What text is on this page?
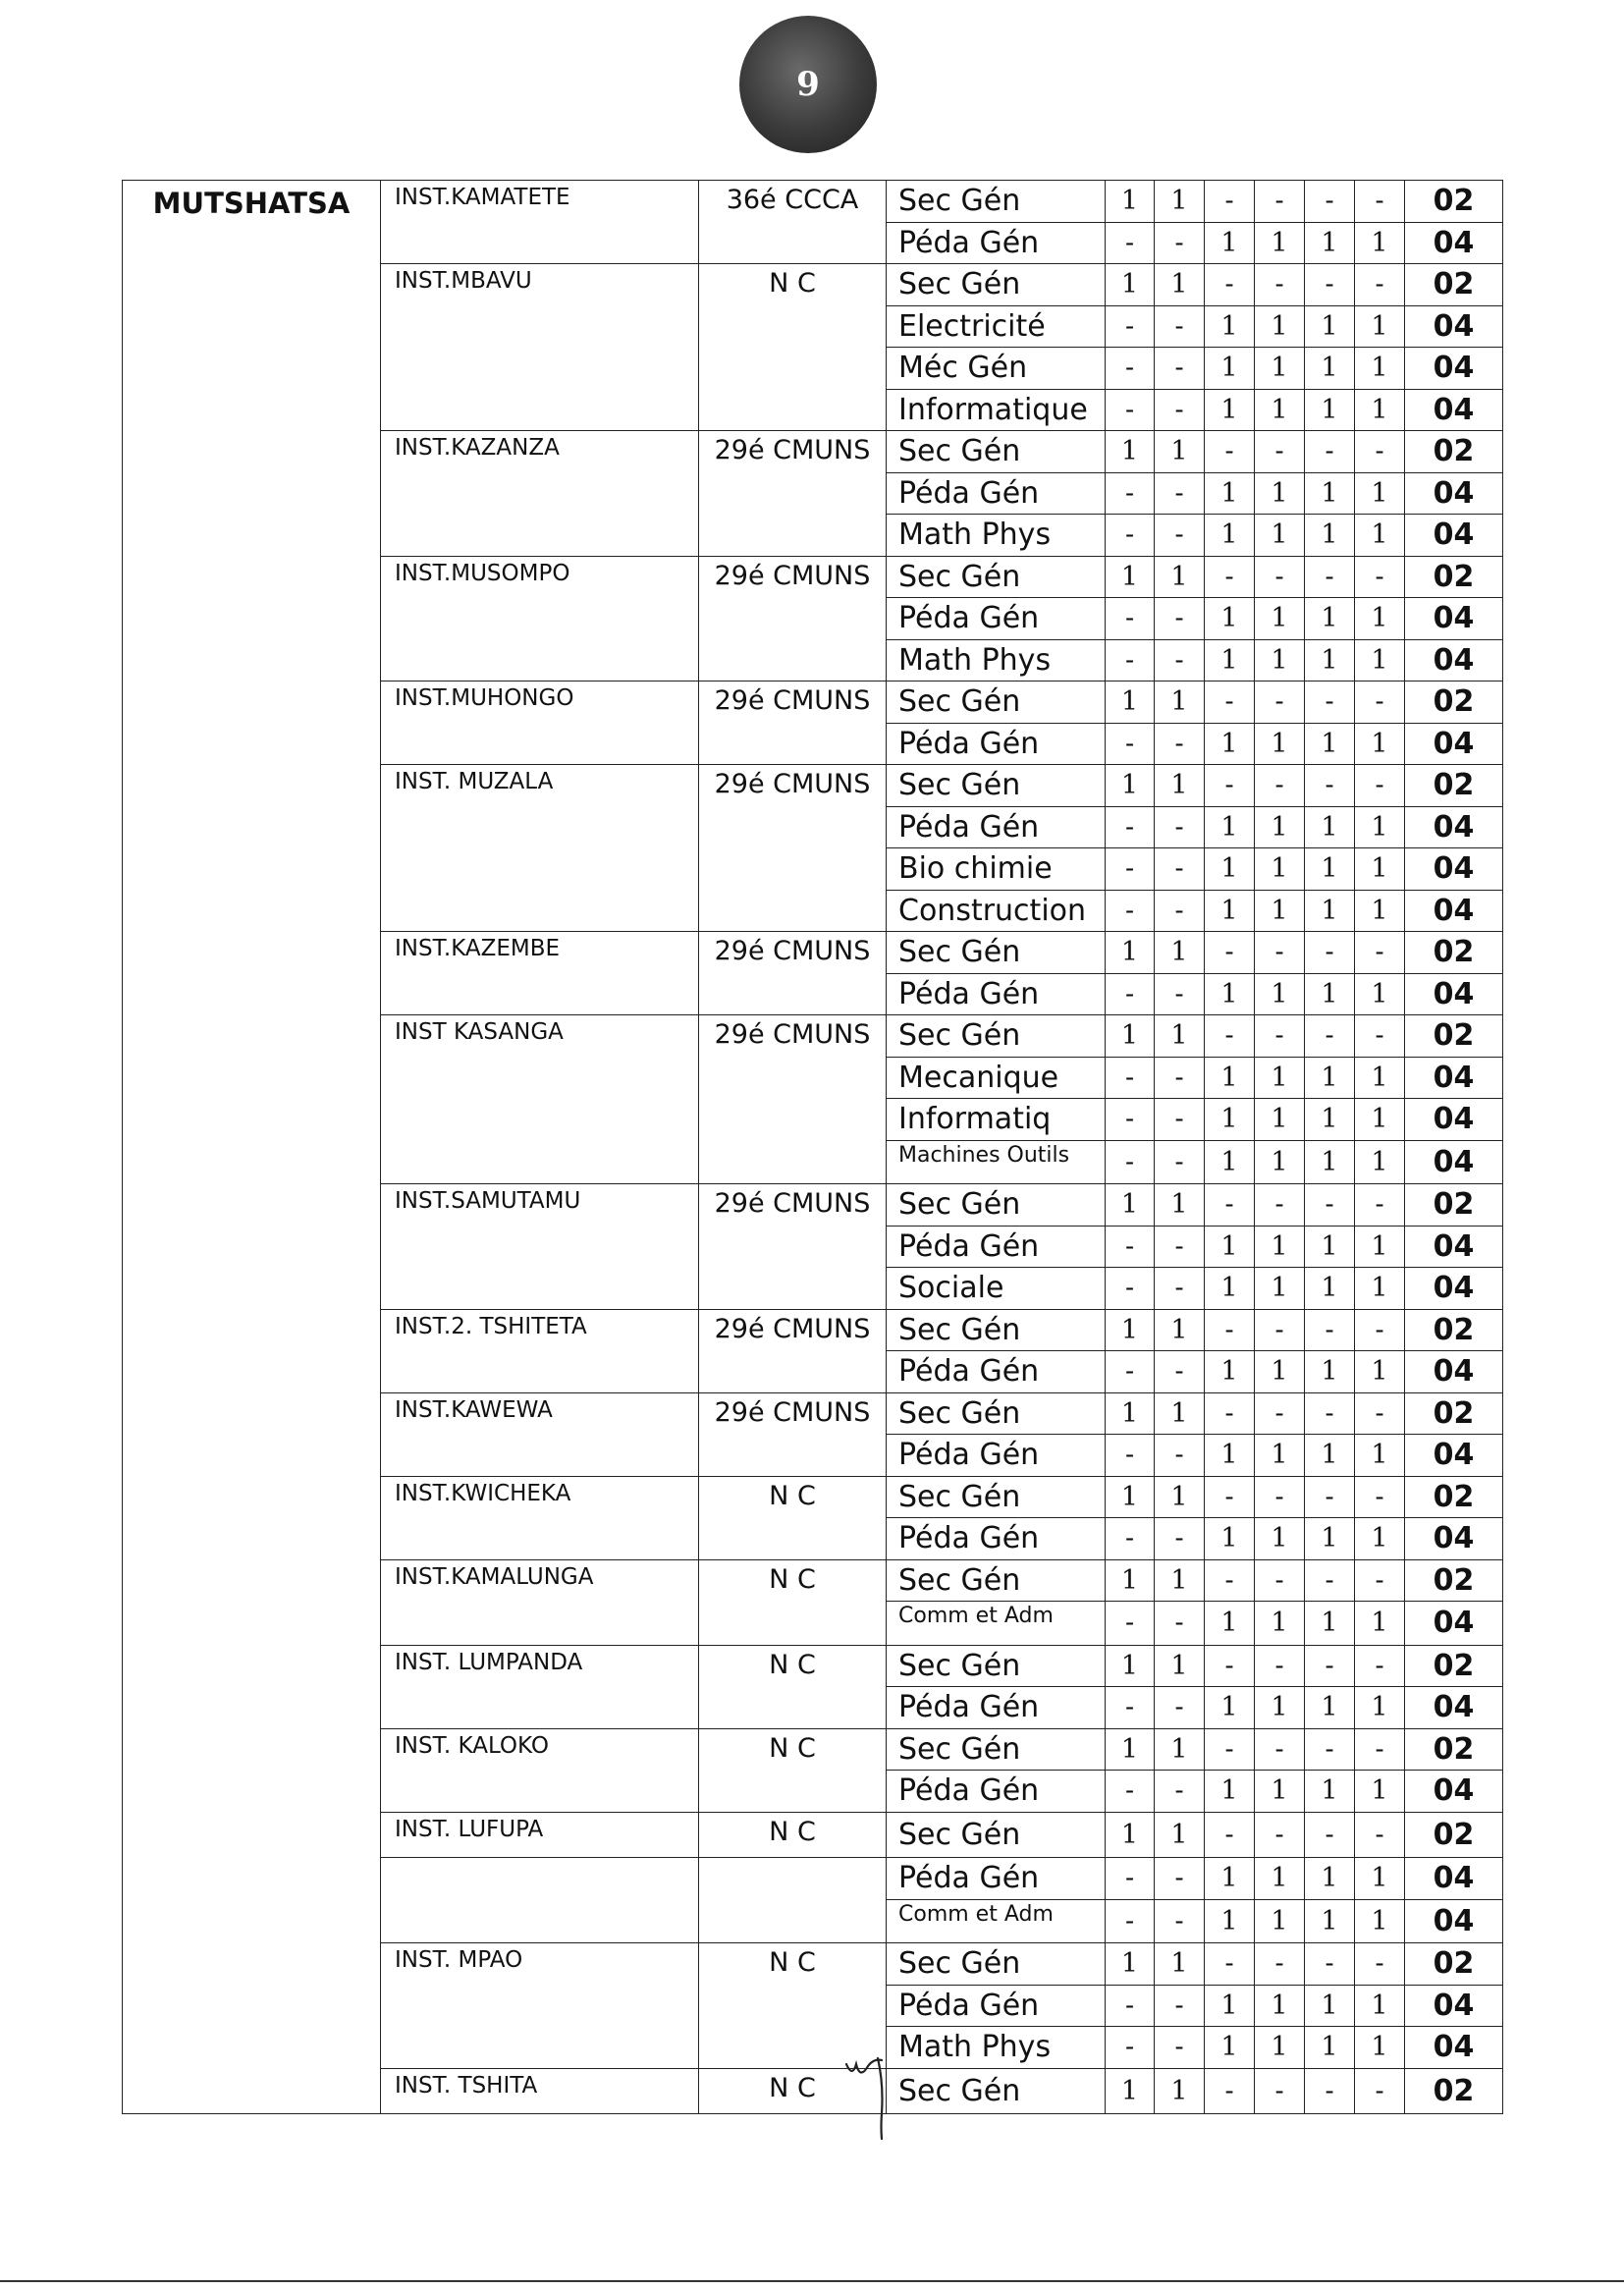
9
MUTSHATSA	INST.KAMATETE	36é CCCA	Sec Gén	1	1	-	-	-	-	02
			Péda Gén	-	-	1	1	1	1	04
	INST.MBAVU	N C	Sec Gén	1	1	-	-	-	-	02
			Electricité	-	-	1	1	1	1	04
			Méc Gén	-	-	1	1	1	1	04
			Informatique	-	-	1	1	1	1	04
	INST.KAZANZA	29é CMUNS	Sec Gén	1	1	-	-	-	-	02
			Péda Gén	-	-	1	1	1	1	04
			Math Phys	-	-	1	1	1	1	04
	INST.MUSOMPO	29é CMUNS	Sec Gén	1	1	-	-	-	-	02
			Péda Gén	-	-	1	1	1	1	04
			Math Phys	-	-	1	1	1	1	04
	INST.MUHONGO	29é CMUNS	Sec Gén	1	1	-	-	-	-	02
			Péda Gén	-	-	1	1	1	1	04
	INST. MUZALA	29é CMUNS	Sec Gén	1	1	-	-	-	-	02
			Péda Gén	-	-	1	1	1	1	04
			Bio chimie	-	-	1	1	1	1	04
			Construction	-	-	1	1	1	1	04
	INST.KAZEMBE	29é CMUNS	Sec Gén	1	1	-	-	-	-	02
			Péda Gén	-	-	1	1	1	1	04
	INST KASANGA	29é CMUNS	Sec Gén	1	1	-	-	-	-	02
			Mecanique	-	-	1	1	1	1	04
			Informatiq	-	-	1	1	1	1	04
			Machines Outils	-	-	1	1	1	1	04
	INST.SAMUTAMU	29é CMUNS	Sec Gén	1	1	-	-	-	-	02
			Péda Gén	-	-	1	1	1	1	04
			Sociale	-	-	1	1	1	1	04
	INST.2. TSHITETA	29é CMUNS	Sec Gén	1	1	-	-	-	-	02
			Péda Gén	-	-	1	1	1	1	04
	INST.KAWEWA	29é CMUNS	Sec Gén	1	1	-	-	-	-	02
			Péda Gén	-	-	1	1	1	1	04
	INST.KWICHEKA	N C	Sec Gén	1	1	-	-	-	-	02
			Péda Gén	-	-	1	1	1	1	04
	INST.KAMALUNGA	N C	Sec Gén	1	1	-	-	-	-	02
			Comm et Adm	-	-	1	1	1	1	04
	INST. LUMPANDA	N C	Sec Gén	1	1	-	-	-	-	02
			Péda Gén	-	-	1	1	1	1	04
	INST. KALOKO	N C	Sec Gén	1	1	-	-	-	-	02
			Péda Gén	-	-	1	1	1	1	04
	INST. LUFUPA	N C	Sec Gén	1	1	-	-	-	-	02
			Péda Gén	-	-	1	1	1	1	04
			Comm et Adm	-	-	1	1	1	1	04
	INST. MPAO	N C	Sec Gén	1	1	-	-	-	-	02
			Péda Gén	-	-	1	1	1	1	04
			Math Phys	-	-	1	1	1	1	04
	INST. TSHITA	N C	Sec Gén	1	1	-	-	-	-	02
